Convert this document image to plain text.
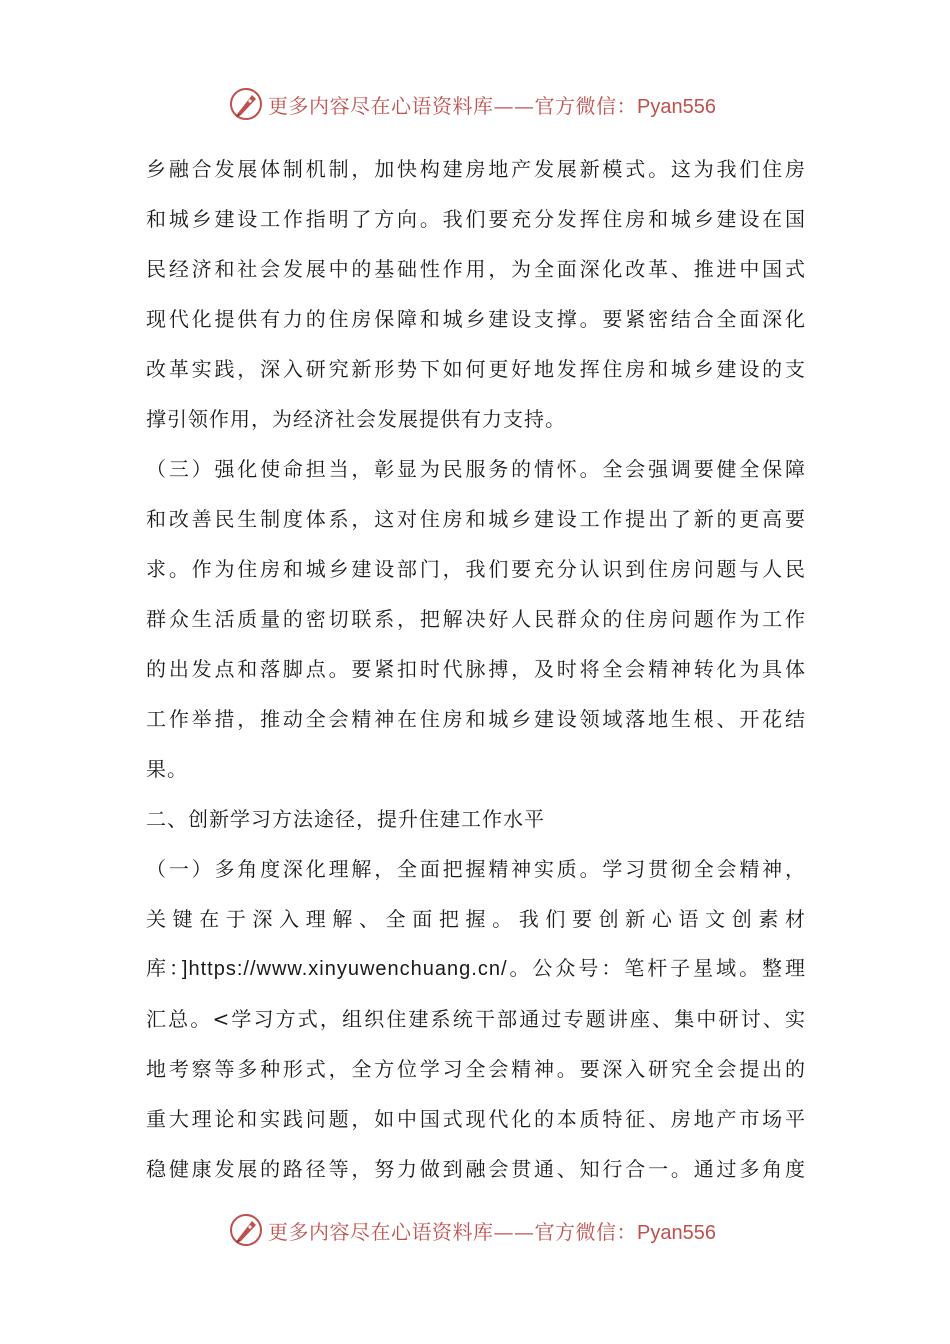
更多内容尽在心语资料库——官方微信：Pyan556
乡融合发展体制机制，加快构建房地产发展新模式。这为我们住房
和城乡建设工作指明了方向。我们要充分发挥住房和城乡建设在国
民经济和社会发展中的基础性作用，为全面深化改革、推进中国式
现代化提供有力的住房保障和城乡建设支撑。要紧密结合全面深化
改革实践，深入研究新形势下如何更好地发挥住房和城乡建设的支
撑引领作用，为经济社会发展提供有力支持。
（三）强化使命担当，彰显为民服务的情怀。全会强调要健全保障
和改善民生制度体系，这对住房和城乡建设工作提出了新的更高要
求。作为住房和城乡建设部门，我们要充分认识到住房问题与人民
群众生活质量的密切联系，把解决好人民群众的住房问题作为工作
的出发点和落脚点。要紧扣时代脉搏，及时将全会精神转化为具体
工作举措，推动全会精神在住房和城乡建设领域落地生根、开花结
果。
二、创新学习方法途径，提升住建工作水平
（一）多角度深化理解，全面把握精神实质。学习贯彻全会精神，
关键在于深入理解、全面把握。我们要创新心语文创素材
库：]https://www.xinyuwenchuang.cn/。公众号：笔杆子星域。整理
汇总。<学习方式，组织住建系统干部通过专题讲座、集中研讨、实
地考察等多种形式，全方位学习全会精神。要深入研究全会提出的
重大理论和实践问题，如中国式现代化的本质特征、房地产市场平
稳健康发展的路径等，努力做到融会贯通、知行合一。通过多角度
更多内容尽在心语资料库——官方微信：Pyan556
